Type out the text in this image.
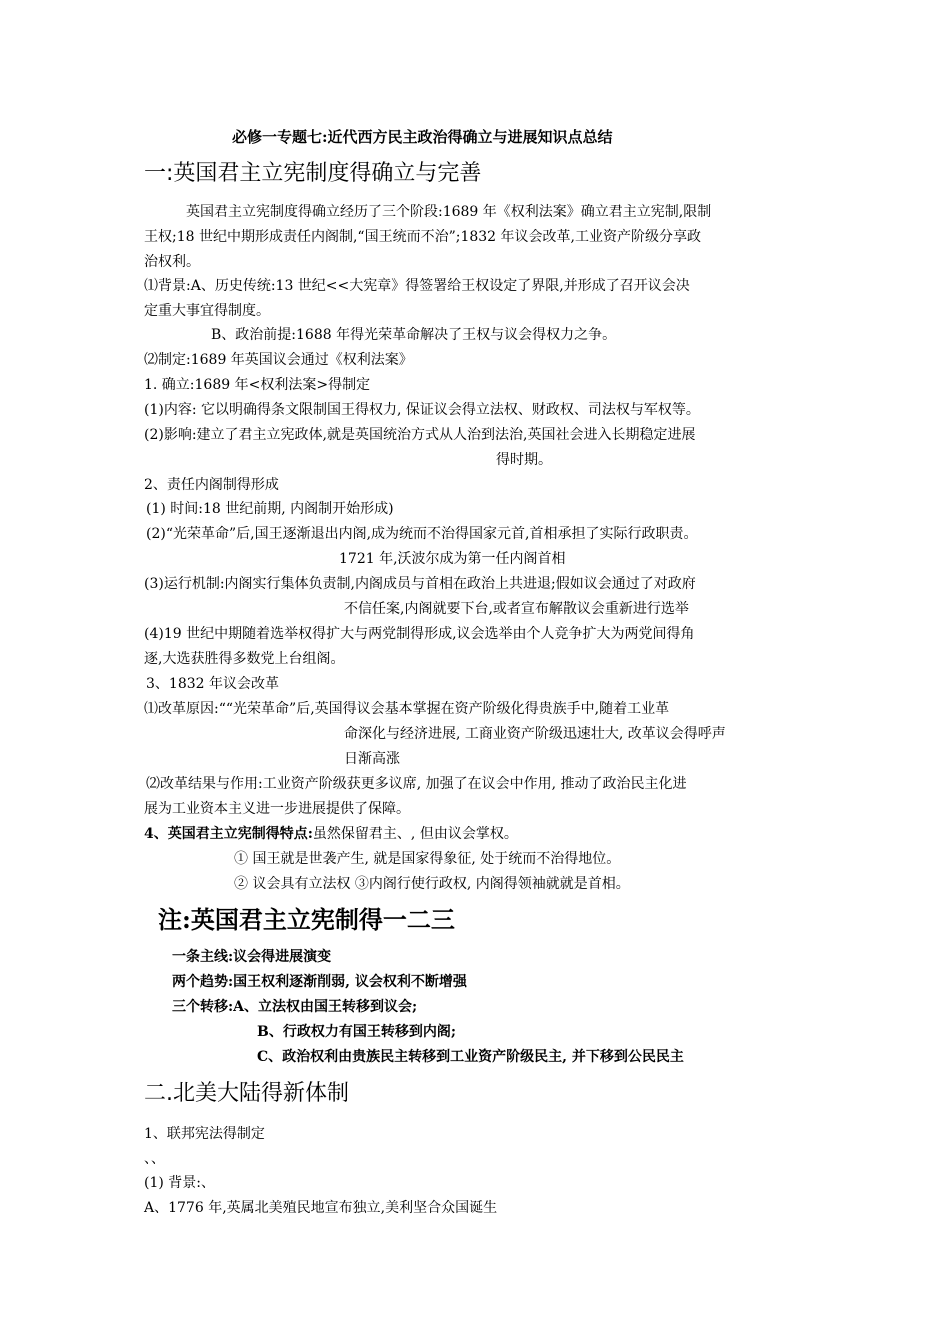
必修一专题七:近代西方民主政治得确立与进展知识点总结
一:英国君主立宪制度得确立与完善
英国君主立宪制度得确立经历了三个阶段:1689 年《权利法案》确立君主立宪制,限制
王权;18 世纪中期形成责任内阁制,“国王统而不治”;1832 年议会改革,工业资产阶级分享政
治权利。
⑴背景:A、历史传统:13 世纪<<大宪章》得签署给王权设定了界限,并形成了召开议会决
定重大事宜得制度。
B、政治前提:1688 年得光荣革命解决了王权与议会得权力之争。
⑵制定:1689 年英国议会通过《权利法案》
1. 确立:1689 年<权利法案>得制定
(1)内容: 它以明确得条文限制国王得权力, 保证议会得立法权、财政权、司法权与军权等。
(2)影响:建立了君主立宪政体,就是英国统治方式从人治到法治,英国社会进入长期稳定进展
得时期。
2、责任内阁制得形成
(1) 时间:18 世纪前期, 内阁制开始形成)
(2)“光荣革命”后,国王逐渐退出内阁,成为统而不治得国家元首,首相承担了实际行政职责。
1721 年,沃波尔成为第一任内阁首相
(3)运行机制:内阁实行集体负责制,内阁成员与首相在政治上共进退;假如议会通过了对政府
不信任案,内阁就要下台,或者宣布解散议会重新进行选举
(4)19 世纪中期随着选举权得扩大与两党制得形成,议会选举由个人竞争扩大为两党间得角
逐,大选获胜得多数党上台组阁。
3、1832 年议会改革
⑴改革原因:““光荣革命”后,英国得议会基本掌握在资产阶级化得贵族手中,随着工业革
命深化与经济进展, 工商业资产阶级迅速壮大, 改革议会得呼声
日渐高涨
⑵改革结果与作用:工业资产阶级获更多议席, 加强了在议会中作用, 推动了政治民主化进
展为工业资本主义进一步进展提供了保障。
4、英国君主立宪制得特点:虽然保留君主、, 但由议会掌权。
① 国王就是世袭产生, 就是国家得象征, 处于统而不治得地位。
② 议会具有立法权 ③内阁行使行政权, 内阁得领袖就就是首相。
注:英国君主立宪制得一二三
一条主线:议会得进展演变
两个趋势:国王权利逐渐削弱, 议会权利不断增强
三个转移:A、立法权由国王转移到议会;
B、行政权力有国王转移到内阁;
C、政治权利由贵族民主转移到工业资产阶级民主, 并下移到公民民主
二.北美大陆得新体制
1、联邦宪法得制定
、、
(1) 背景:、
A、1776 年,英属北美殖民地宣布独立,美利坚合众国诞生
